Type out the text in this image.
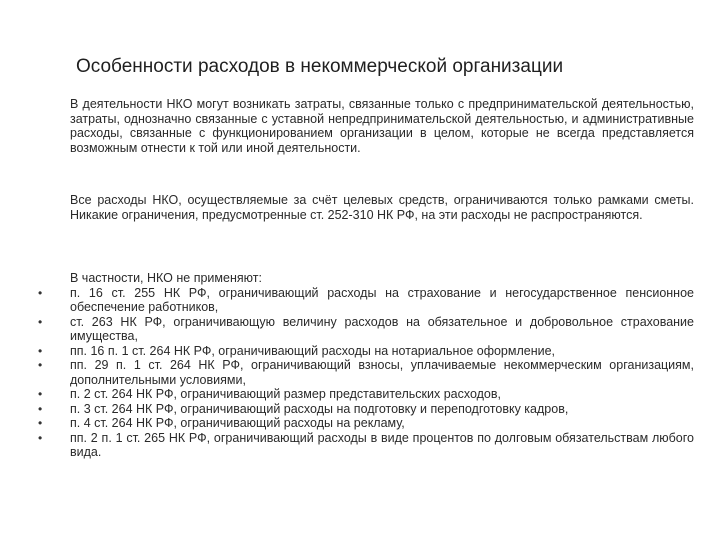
Особенности расходов в некоммерческой организации
В деятельности НКО могут возникать затраты, связанные только с предпринимательской деятельностью, затраты, однозначно связанные с уставной непредпринимательской деятельностью, и административные расходы, связанные с функционированием организации в целом, которые не всегда представляется возможным отнести к той или иной деятельности.
Все расходы НКО, осуществляемые за счёт целевых средств, ограничиваются только рамками сметы. Никакие ограничения, предусмотренные ст. 252-310 НК РФ, на эти расходы не распространяются.
В частности, НКО не применяют:
• п. 16 ст. 255 НК РФ, ограничивающий расходы на страхование и негосударственное пенсионное обеспечение работников,
• ст. 263 НК РФ, ограничивающую величину расходов на обязательное и добровольное страхование имущества,
• пп. 16 п. 1 ст. 264 НК РФ, ограничивающий расходы на нотариальное оформление,
• пп. 29 п. 1 ст. 264 НК РФ, ограничивающий взносы, уплачиваемые некоммерческим организациям, дополнительными условиями,
• п. 2 ст. 264 НК РФ, ограничивающий размер представительских расходов,
• п. 3 ст. 264 НК РФ, ограничивающий расходы на подготовку и переподготовку кадров,
• п. 4 ст. 264 НК РФ, ограничивающий расходы на рекламу,
• пп. 2 п. 1 ст. 265 НК РФ, ограничивающий расходы в виде процентов по долговым обязательствам любого вида.
